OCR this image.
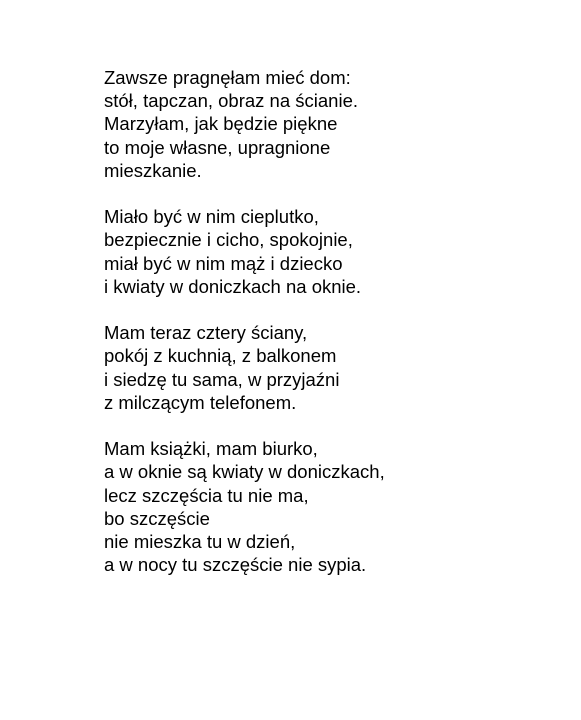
Zawsze pragnęłam mieć dom:
stół, tapczan, obraz na ścianie.
Marzyłam, jak będzie piękne
to moje własne, upragnione
mieszkanie.
Miało być w nim cieplutko,
bezpiecznie i cicho, spokojnie,
miał być w nim mąż i dziecko
i kwiaty w doniczkach na oknie.
Mam teraz cztery ściany,
pokój z kuchnią, z balkonem
i siedzę tu sama, w przyjaźni
z milczącym telefonem.
Mam książki, mam biurko,
a w oknie są kwiaty w doniczkach,
lecz szczęścia tu nie ma,
bo szczęście
nie mieszka tu w dzień,
a w nocy tu szczęście nie sypia.
